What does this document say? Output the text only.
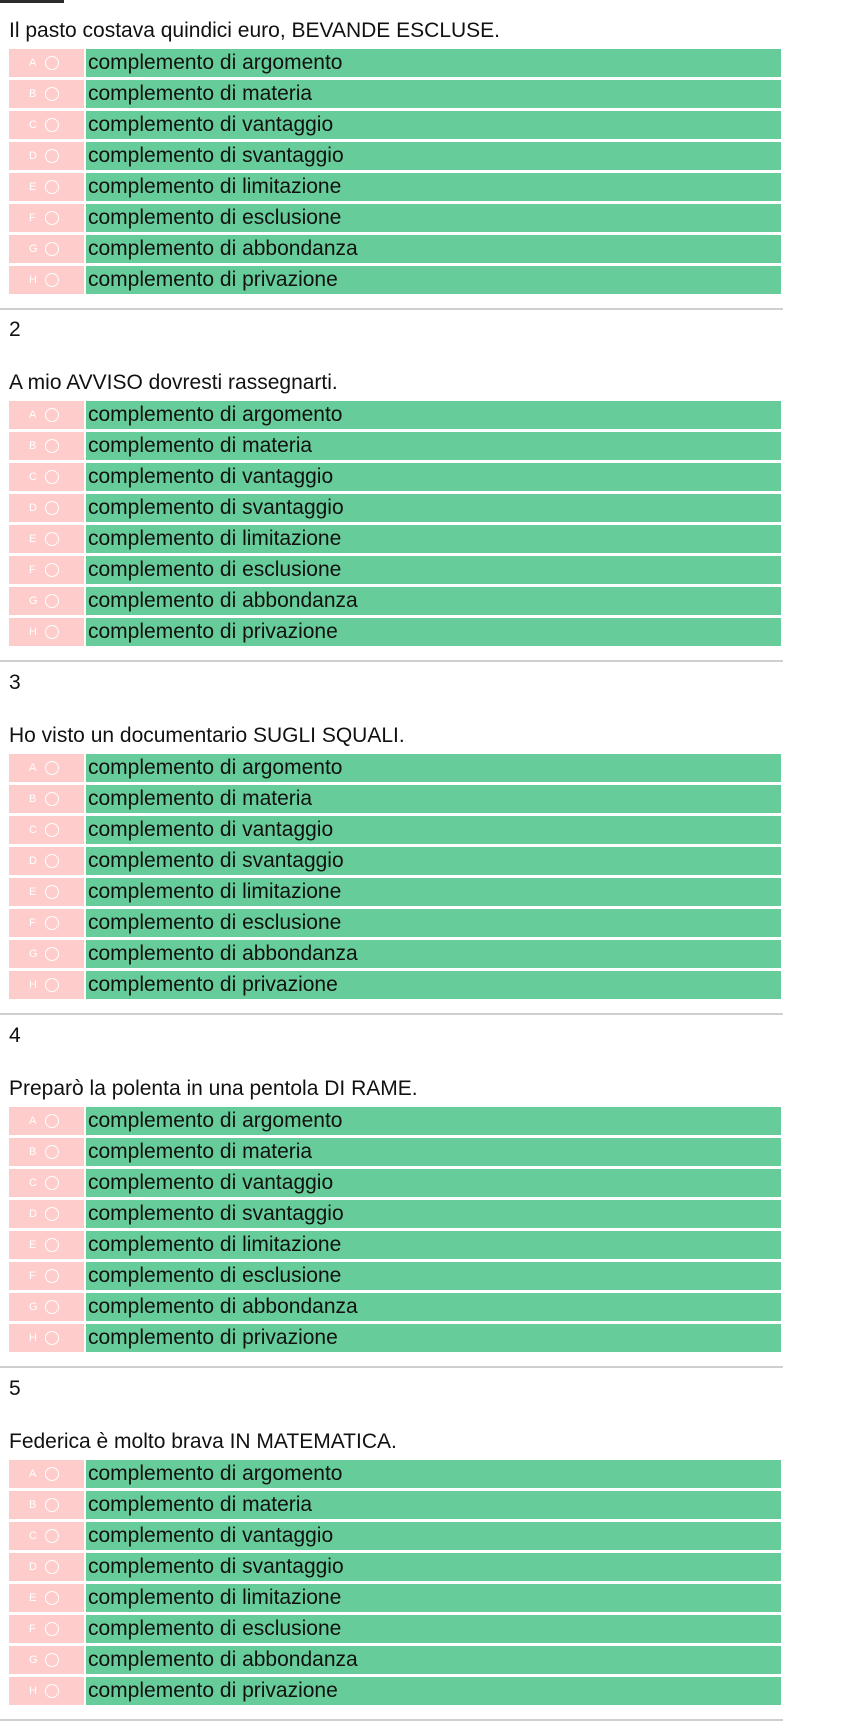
Il pasto costava quindici euro, BEVANDE ESCLUSE.
A complemento di argomento
B complemento di materia
C complemento di vantaggio
D complemento di svantaggio
E complemento di limitazione
F complemento di esclusione
G complemento di abbondanza
H complemento di privazione
2
A mio AVVISO dovresti rassegnarti.
A complemento di argomento
B complemento di materia
C complemento di vantaggio
D complemento di svantaggio
E complemento di limitazione
F complemento di esclusione
G complemento di abbondanza
H complemento di privazione
3
Ho visto un documentario SUGLI SQUALI.
A complemento di argomento
B complemento di materia
C complemento di vantaggio
D complemento di svantaggio
E complemento di limitazione
F complemento di esclusione
G complemento di abbondanza
H complemento di privazione
4
Preparò la polenta in una pentola DI RAME.
A complemento di argomento
B complemento di materia
C complemento di vantaggio
D complemento di svantaggio
E complemento di limitazione
F complemento di esclusione
G complemento di abbondanza
H complemento di privazione
5
Federica è molto brava IN MATEMATICA.
A complemento di argomento
B complemento di materia
C complemento di vantaggio
D complemento di svantaggio
E complemento di limitazione
F complemento di esclusione
G complemento di abbondanza
H complemento di privazione
